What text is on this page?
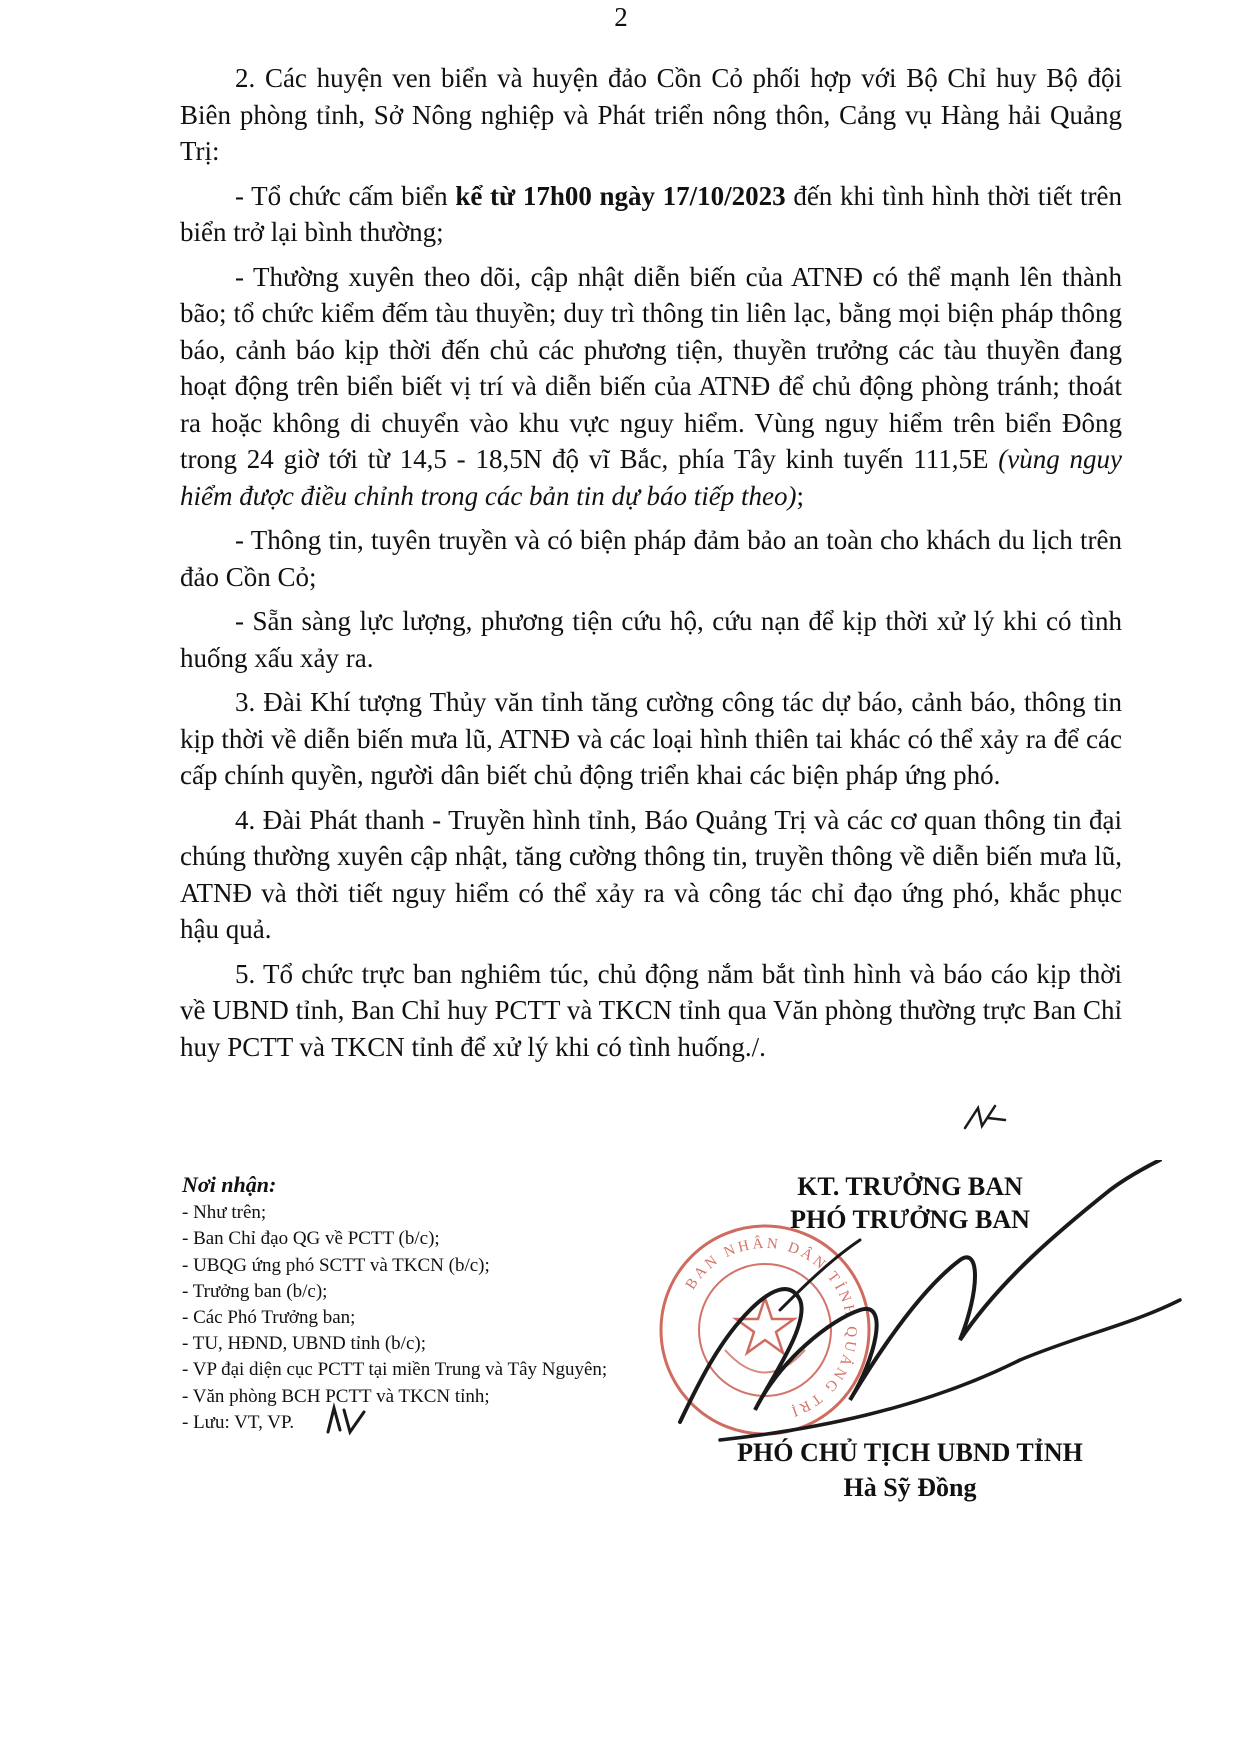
2

2. Các huyện ven biển và huyện đảo Cồn Cỏ phối hợp với Bộ Chỉ huy Bộ đội Biên phòng tỉnh, Sở Nông nghiệp và Phát triển nông thôn, Cảng vụ Hàng hải Quảng Trị:

- Tổ chức cấm biển kể từ 17h00 ngày 17/10/2023 đến khi tình hình thời tiết trên biển trở lại bình thường;

- Thường xuyên theo dõi, cập nhật diễn biến của ATNĐ có thể mạnh lên thành bão; tổ chức kiểm đếm tàu thuyền; duy trì thông tin liên lạc, bằng mọi biện pháp thông báo, cảnh báo kịp thời đến chủ các phương tiện, thuyền trưởng các tàu thuyền đang hoạt động trên biển biết vị trí và diễn biến của ATNĐ để chủ động phòng tránh; thoát ra hoặc không di chuyển vào khu vực nguy hiểm. Vùng nguy hiểm trên biển Đông trong 24 giờ tới từ 14,5 - 18,5N độ vĩ Bắc, phía Tây kinh tuyến 111,5E (vùng nguy hiểm được điều chỉnh trong các bản tin dự báo tiếp theo);

- Thông tin, tuyên truyền và có biện pháp đảm bảo an toàn cho khách du lịch trên đảo Cồn Cỏ;

- Sẵn sàng lực lượng, phương tiện cứu hộ, cứu nạn để kịp thời xử lý khi có tình huống xấu xảy ra.

3. Đài Khí tượng Thủy văn tỉnh tăng cường công tác dự báo, cảnh báo, thông tin kịp thời về diễn biến mưa lũ, ATNĐ và các loại hình thiên tai khác có thể xảy ra để các cấp chính quyền, người dân biết chủ động triển khai các biện pháp ứng phó.

4. Đài Phát thanh - Truyền hình tỉnh, Báo Quảng Trị và các cơ quan thông tin đại chúng thường xuyên cập nhật, tăng cường thông tin, truyền thông về diễn biến mưa lũ, ATNĐ và thời tiết nguy hiểm có thể xảy ra và công tác chỉ đạo ứng phó, khắc phục hậu quả.

5. Tổ chức trực ban nghiêm túc, chủ động nắm bắt tình hình và báo cáo kịp thời về UBND tỉnh, Ban Chỉ huy PCTT và TKCN tỉnh qua Văn phòng thường trực Ban Chỉ huy PCTT và TKCN tỉnh để xử lý khi có tình huống./.

Nơi nhận:
- Như trên;
- Ban Chỉ đạo QG về PCTT (b/c);
- UBQG ứng phó SCTT và TKCN (b/c);
- Trưởng ban (b/c);
- Các Phó Trưởng ban;
- TU, HĐND, UBND tỉnh (b/c);
- VP đại diện cục PCTT tại miền Trung và Tây Nguyên;
- Văn phòng BCH PCTT và TKCN tỉnh;
- Lưu: VT, VP.
KT. TRƯỞNG BAN
PHÓ TRƯỞNG BAN
BAN NHÂN DÂN TỈNH QUẢNG TRỊ
PHÓ CHỦ TỊCH UBND TỈNH
Hà Sỹ Đồng
